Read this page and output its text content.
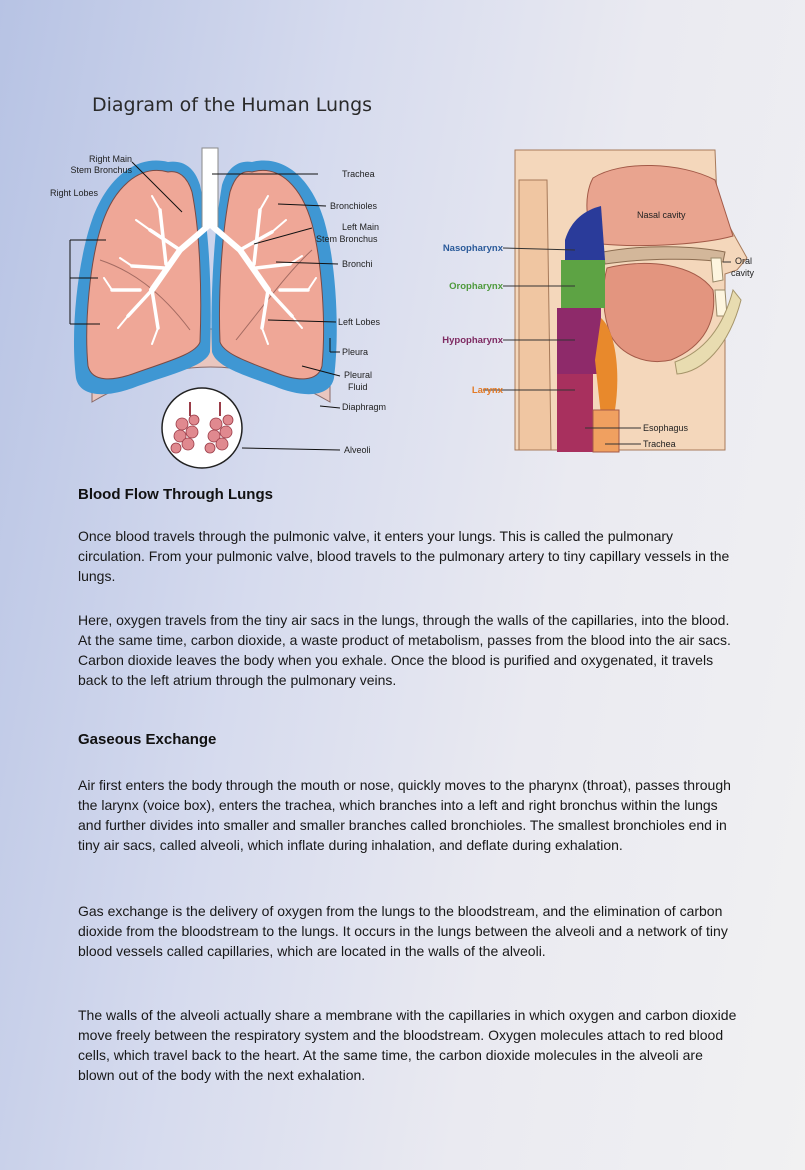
Diagram of the Human Lungs
Right Main
Stem Bronchus
Right Lobes
Trachea
Bronchioles
Left Main
Stem Bronchus
Bronchi
Left Lobes
Pleura
Pleural
Fluid
Diaphragm
Alveoli
Nasal cavity
Nasopharynx
Oropharynx
Hypopharynx
Larynx
Oral
cavity
Esophagus
Trachea
Blood Flow Through Lungs

Once blood travels through the pulmonic valve, it enters your lungs. This is called the pulmonary circulation. From your pulmonic valve, blood travels to the pulmonary artery to tiny capillary vessels in the lungs.

Here, oxygen travels from the tiny air sacs in the lungs, through the walls of the capillaries, into the blood. At the same time, carbon dioxide, a waste product of metabolism, passes from the blood into the air sacs. Carbon dioxide leaves the body when you exhale. Once the blood is purified and oxygenated, it travels back to the left atrium through the pulmonary veins.

Gaseous Exchange

Air first enters the body through the mouth or nose, quickly moves to the pharynx (throat), passes through the larynx (voice box), enters the trachea, which branches into a left and right bronchus within the lungs and further divides into smaller and smaller branches called bronchioles. The smallest bronchioles end in tiny air sacs, called alveoli, which inflate during inhalation, and deflate during exhalation.

Gas exchange is the delivery of oxygen from the lungs to the bloodstream, and the elimination of carbon dioxide from the bloodstream to the lungs. It occurs in the lungs between the alveoli and a network of tiny blood vessels called capillaries, which are located in the walls of the alveoli.

The walls of the alveoli actually share a membrane with the capillaries in which oxygen and carbon dioxide move freely between the respiratory system and the bloodstream. Oxygen molecules attach to red blood cells, which travel back to the heart. At the same time, the carbon dioxide molecules in the alveoli are blown out of the body with the next exhalation.
